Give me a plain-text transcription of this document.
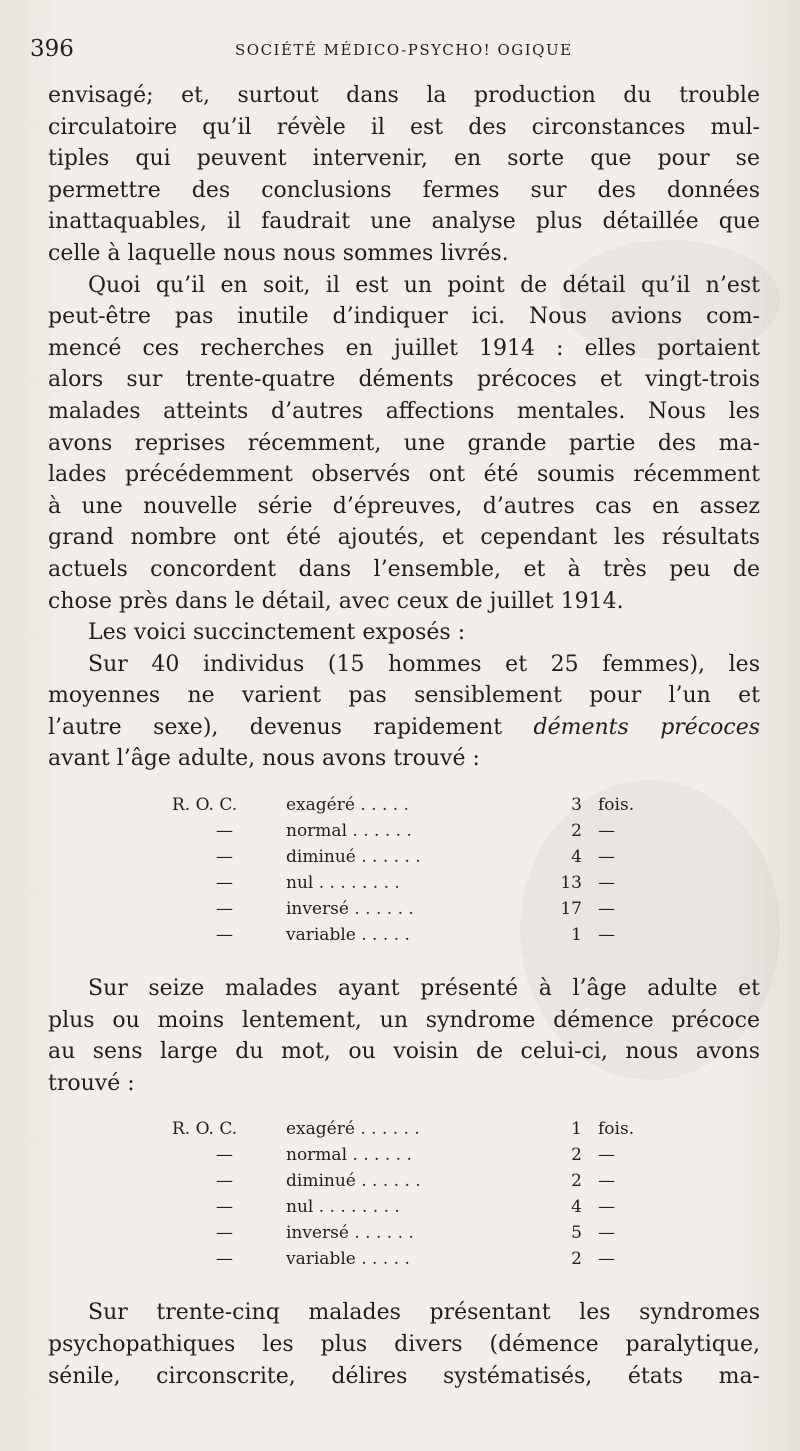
396	SOCIÉTÉ MÉDICO-PSYCHO! OGIQUE
envisagé; et, surtout dans la production du trouble
circulatoire qu’il révèle il est des circonstances mul-
tiples qui peuvent intervenir, en sorte que pour se
permettre des conclusions fermes sur des données
inattaquables, il faudrait une analyse plus détaillée que
celle à laquelle nous nous sommes livrés.
Quoi qu’il en soit, il est un point de détail qu’il n’est
peut-être pas inutile d’indiquer ici. Nous avions com-
mencé ces recherches en juillet 1914 : elles portaient
alors sur trente-quatre déments précoces et vingt-trois
malades atteints d’autres affections mentales. Nous les
avons reprises récemment, une grande partie des ma-
lades précédemment observés ont été soumis récemment
à une nouvelle série d’épreuves, d’autres cas en assez
grand nombre ont été ajoutés, et cependant les résultats
actuels concordent dans l’ensemble, et à très peu de
chose près dans le détail, avec ceux de juillet 1914.
Les voici succinctement exposés :
Sur 40 individus (15 hommes et 25 femmes), les
moyennes ne varient pas sensiblement pour l’un et
l’autre sexe), devenus rapidement déments précoces
avant l’âge adulte, nous avons trouvé :
R. O. C.	exagéré . . . . .	3 fois.
—	normal . . . . . .	2 —
—	diminué . . . . . .	4 —
—	nul . . . . . . . .	13 —
—	inversé . . . . . .	17 —
—	variable . . . . .	1 —
Sur seize malades ayant présenté à l’âge adulte et
plus ou moins lentement, un syndrome démence précoce
au sens large du mot, ou voisin de celui-ci, nous avons
trouvé :
R. O. C.	exagéré . . . . . .	1 fois.
—	normal . . . . . .	2 —
—	diminué . . . . . .	2 —
—	nul . . . . . . . .	4 —
—	inversé . . . . . .	5 —
—	variable . . . . .	2 —
Sur trente-cinq malades présentant les syndromes
psychopathiques les plus divers (démence paralytique,
sénile, circonscrite, délires systématisés, états ma-
